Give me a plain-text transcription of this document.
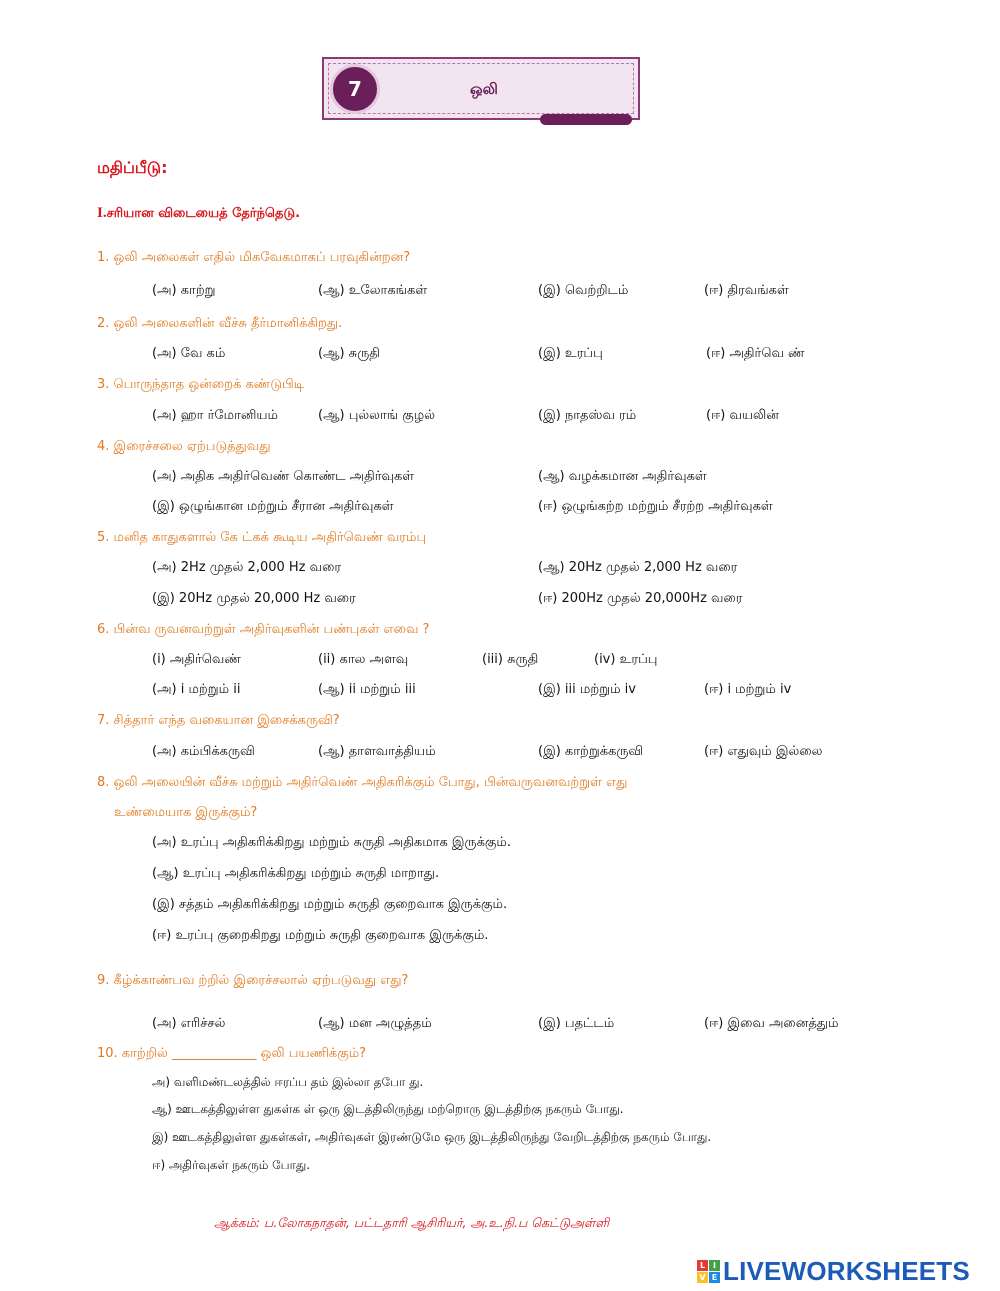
7	ஒலி
மதிப்பீடு:
I.சரியான விடையைத் தேர்ந்தெடு.
1. ஒலி அலைகள் எதில் மிகவேகமாகப் பரவுகின்றன?
(அ) காற்று	(ஆ) உலோகங்கள்	(இ) வெற்றிடம்	(ஈ) திரவங்கள்
2. ஒலி அலைகளின் வீச்சு தீர்மானிக்கிறது.
(அ) வே கம்	(ஆ) சுருதி	(இ) உரப்பு	(ஈ) அதிர்வெ ண்
3. பொருந்தாத ஒன்றைக் கண்டுபிடி
(அ) ஹா ர்மோனியம்	(ஆ) புல்லாங் குழல்	(இ) நாதஸ்வ ரம்	(ஈ) வயலின்
4. இரைச்சலை ஏற்படுத்துவது
(அ) அதிக அதிர்வெண் கொண்ட அதிர்வுகள்	(ஆ) வழக்கமான அதிர்வுகள்
(இ) ஒழுங்கான மற்றும் சீரான அதிர்வுகள்	(ஈ) ஒழுங்கற்ற மற்றும் சீரற்ற அதிர்வுகள்
5. மனித காதுகளால் கே ட்கக் கூடிய அதிர்வெண் வரம்பு
(அ) 2Hz முதல் 2,000 Hz வரை	(ஆ) 20Hz முதல் 2,000 Hz வரை
(இ) 20Hz முதல் 20,000 Hz வரை	(ஈ) 200Hz முதல் 20,000Hz வரை
6. பின்வ ருவனவற்றுள் அதிர்வுகளின் பண்புகள் எவை ?
(i) அதிர்வெண்	(ii) கால அளவு	(iii) சுருதி	(iv) உரப்பு
(அ) i மற்றும் ii	(ஆ) ii மற்றும் iii	(இ) iii மற்றும் iv	(ஈ) i மற்றும் iv
7. சித்தார் எந்த வகையான இசைக்கருவி?
(அ) கம்பிக்கருவி	(ஆ) தாளவாத்தியம்	(இ) காற்றுக்கருவி	(ஈ) எதுவும் இல்லை
8. ஒலி அலையின் வீச்சு மற்றும் அதிர்வெண் அதிகரிக்கும் போது, பின்வருவனவற்றுள் எது
உண்மையாக இருக்கும்?
(அ) உரப்பு அதிகரிக்கிறது மற்றும் சுருதி அதிகமாக இருக்கும்.
(ஆ) உரப்பு அதிகரிக்கிறது மற்றும் சுருதி மாறாது.
(இ) சத்தம் அதிகரிக்கிறது மற்றும் சுருதி குறைவாக இருக்கும்.
(ஈ) உரப்பு குறைகிறது மற்றும் சுருதி குறைவாக இருக்கும்.
9. கீழ்க்காண்பவ ற்றில் இரைச்சலால் ஏற்படுவது எது?
(அ) எரிச்சல்	(ஆ) மன அழுத்தம்	(இ) பதட்டம்	(ஈ) இவை அனைத்தும்
10. காற்றில் _____________ ஒலி பயணிக்கும்?
அ) வளிமண்டலத்தில் ஈரப்ப தம் இல்லா தபோ து.
ஆ) ஊடகத்திலுள்ள துகள்க ள் ஒரு இடத்திலிருந்து மற்றொரு இடத்திற்கு நகரும் போது.
இ) ஊடகத்திலுள்ள துகள்கள், அதிர்வுகள் இரண்டுமே ஒரு இடத்திலிருந்து வேறிடத்திற்கு நகரும் போது.
ஈ) அதிர்வுகள் நகரும் போது.
ஆக்கம்: ப.லோகநாதன், பட்டதாரி ஆசிரியர், அ.உ.நி.ப கெட்டுஅள்ளி
L I
V E LIVEWORKSHEETS
